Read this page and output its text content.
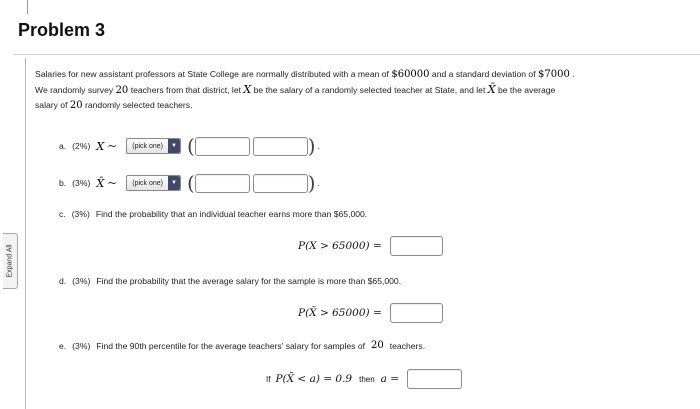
Problem 3
Expand All
Salaries for new assistant professors at State College are normally distributed with a mean of $60000 and a standard deviation of $7000 .
We randomly survey 20 teachers from that district, let X be the salary of a randomly selected teacher at State, and let X̄ be the average
salary of 20 randomly selected teachers.
a. (2%) X ~ (pick one)	▼ (	) .
b. (3%) X̄ ~ (pick one)	▼ (	) .
c. (3%) Find the probability that an individual teacher earns more than $65,000.
P(X > 65000) =
d. (3%) Find the probability that the average salary for the sample is more than $65,000.
P(X̄ > 65000) =
e. (3%) Find the 90th percentile for the average teachers' salary for samples of 20 teachers.
If P(X̄ < a) = 0.9 then a =
